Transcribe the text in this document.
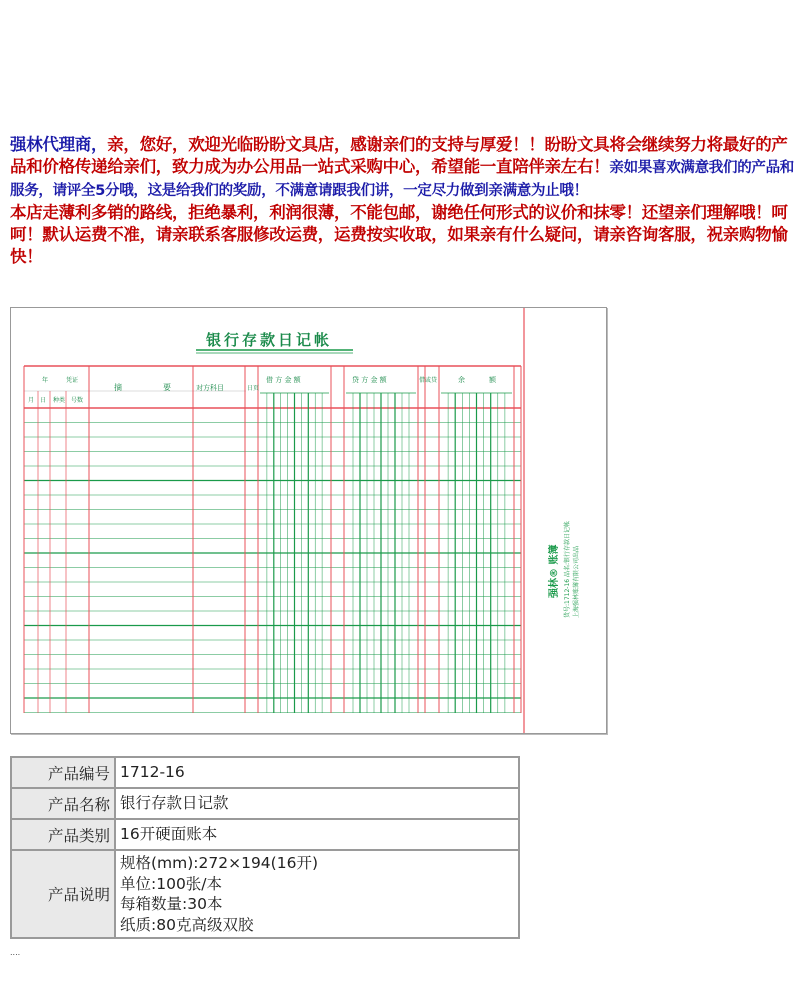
强林代理商，亲，您好，欢迎光临盼盼文具店，感谢亲们的支持与厚爱！！盼盼文具将会继续努力将最好的产品和价格传递给亲们，致力成为办公用品一站式采购中心，希望能一直陪伴亲左右！亲如果喜欢满意我们的产品和服务，请评全5分哦，这是给我们的奖励，不满意请跟我们讲，一定尽力做到亲满意为止哦！
本店走薄利多销的路线，拒绝暴利，利润很薄，不能包邮，谢绝任何形式的议价和抹零！还望亲们理解哦！呵呵！默认运费不准，请亲联系客服修改运费，运费按实收取，如果亲有什么疑问，请亲咨询客服，祝亲购物愉快！
银行存款日记帐
年	凭证
月 日 种类 号数
摘	要	对方科目	日页
借 方 金 额	贷 方 金 额	借或贷	余	额
强林® 账簿 货号:1712-16 品名:银行存款日记帐 上海强林账簿有限公司出品
产品编号	1712-16

产品名称	银行存款日记款

产品类别	16开硬面账本

产品说明	规格(mm):272×194(16开)
单位:100张/本
每箱数量:30本
纸质:80克高级双胶
....
